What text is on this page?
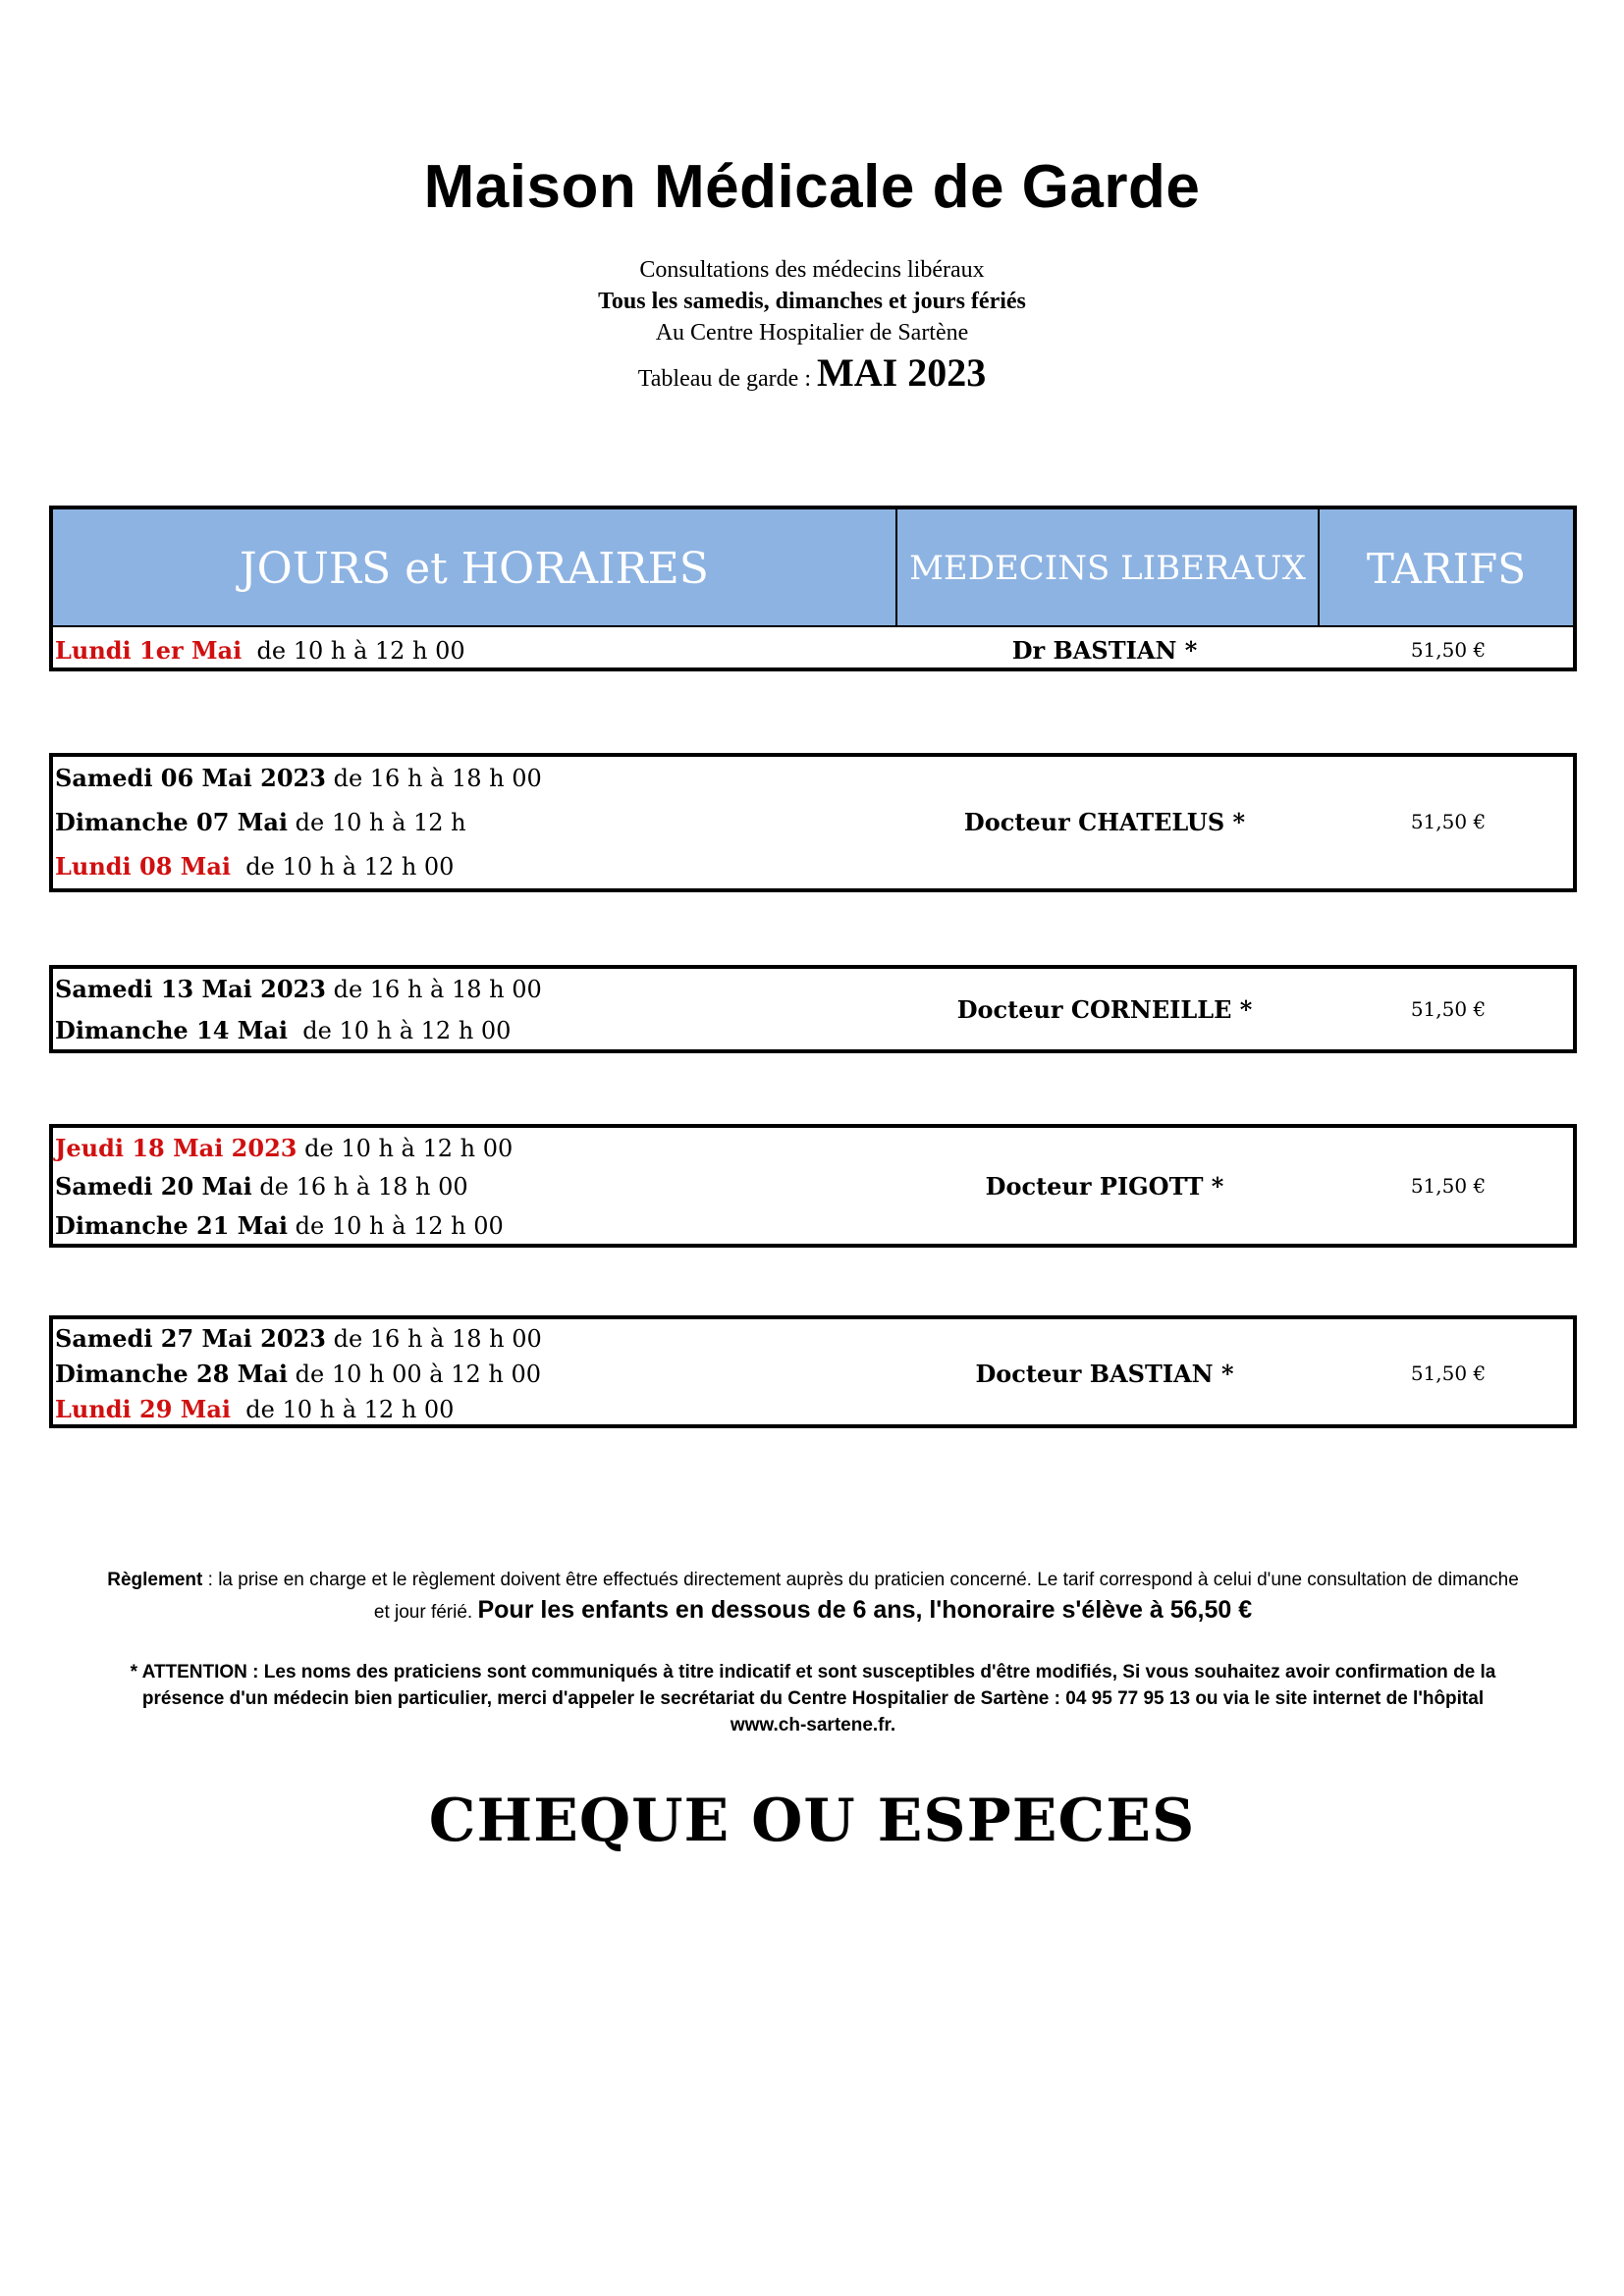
Maison Médicale de Garde
Consultations des médecins libéraux
Tous les samedis, dimanches et jours fériés
Au Centre Hospitalier de Sartène
Tableau de garde : MAI 2023
JOURS et HORAIRES	MEDECINS LIBERAUX	TARIFS
Lundi 1er Mai  de 10 h à 12 h 00	Dr BASTIAN *	51,50 €
Samedi 06 Mai 2023 de 16 h à 18 h 00
Dimanche 07 Mai de 10 h à 12 h
Lundi 08 Mai  de 10 h à 12 h 00
Docteur CHATELUS *	51,50 €
Samedi 13 Mai 2023 de 16 h à 18 h 00
Dimanche 14 Mai  de 10 h à 12 h 00
Docteur CORNEILLE *	51,50 €
Jeudi 18 Mai 2023 de 10 h à 12 h 00
Samedi 20 Mai de 16 h à 18 h 00
Dimanche 21 Mai de 10 h à 12 h 00
Docteur PIGOTT *	51,50 €
Samedi 27 Mai 2023 de 16 h à 18 h 00
Dimanche 28 Mai de 10 h 00 à 12 h 00
Lundi 29 Mai  de 10 h à 12 h 00
Docteur BASTIAN *	51,50 €
Règlement : la prise en charge et le règlement doivent être effectués directement auprès du praticien concerné. Le tarif correspond à celui d'une consultation de dimanche
et jour férié. Pour les enfants en dessous de 6 ans, l'honoraire s'élève à 56,50 €
* ATTENTION : Les noms des praticiens sont communiqués à titre indicatif et sont susceptibles d'être modifiés, Si vous souhaitez avoir confirmation de la
présence d'un médecin bien particulier, merci d'appeler le secrétariat du Centre Hospitalier de Sartène : 04 95 77 95 13 ou via le site internet de l'hôpital
www.ch-sartene.fr.
CHEQUE OU ESPECES
